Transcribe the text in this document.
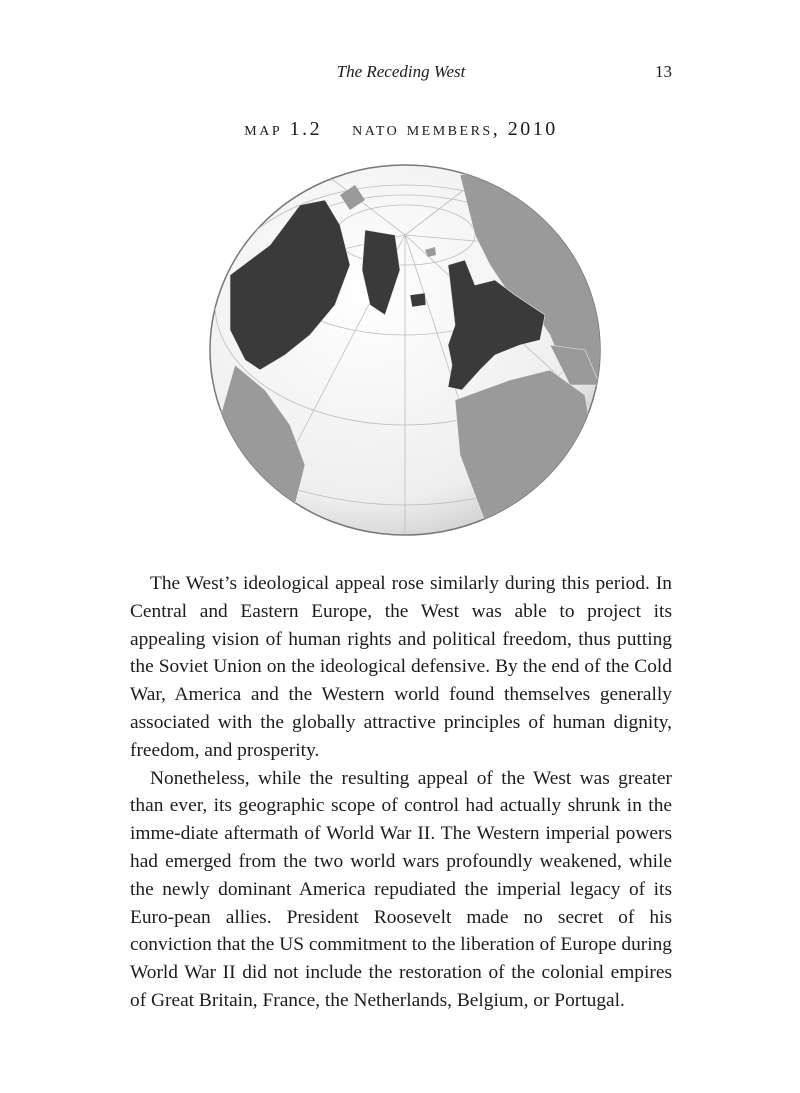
The Receding West	13
map 1.2 nato members, 2010

The West’s ideological appeal rose similarly during this period. In Central and Eastern Europe, the West was able to project its appealing vision of human rights and political freedom, thus putting the Soviet Union on the ideological defensive. By the end of the Cold War, America and the Western world found themselves generally associated with the globally attractive principles of human dignity, freedom, and prosperity.

Nonetheless, while the resulting appeal of the West was greater than ever, its geographic scope of control had actually shrunk in the imme-diate aftermath of World War II. The Western imperial powers had emerged from the two world wars profoundly weakened, while the newly dominant America repudiated the imperial legacy of its Euro-pean allies. President Roosevelt made no secret of his conviction that the US commitment to the liberation of Europe during World War II did not include the restoration of the colonial empires of Great Britain, France, the Netherlands, Belgium, or Portugal.
